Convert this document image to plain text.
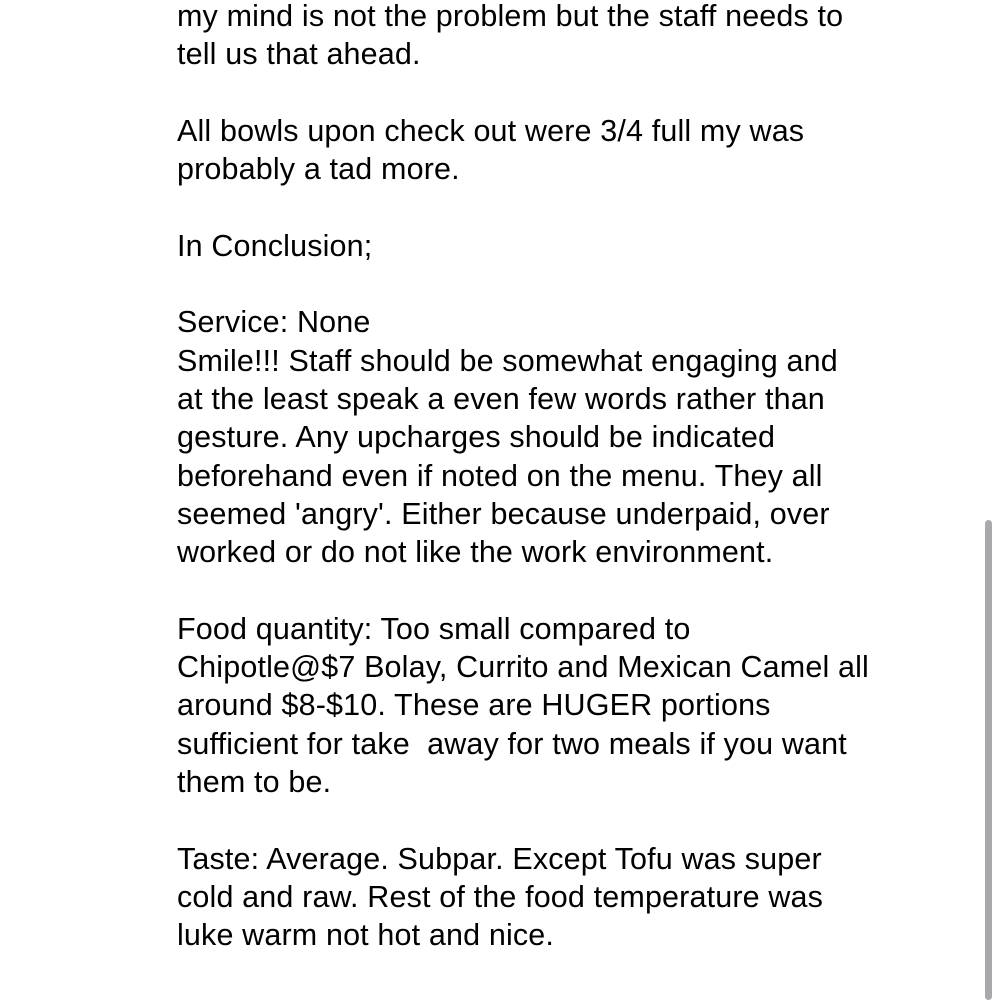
my mind is not the problem but the staff needs to
tell us that ahead.
All bowls upon check out were 3/4 full my was
probably a tad more.
In Conclusion;
Service: None
Smile!!! Staff should be somewhat engaging and
at the least speak a even few words rather than
gesture. Any upcharges should be indicated
beforehand even if noted on the menu. They all
seemed 'angry'. Either because underpaid, over
worked or do not like the work environment.
Food quantity: Too small compared to
Chipotle@$7 Bolay, Currito and Mexican Camel all
around $8-$10. These are HUGER portions
sufficient for take  away for two meals if you want
them to be.
Taste: Average. Subpar. Except Tofu was super
cold and raw. Rest of the food temperature was
luke warm not hot and nice.
